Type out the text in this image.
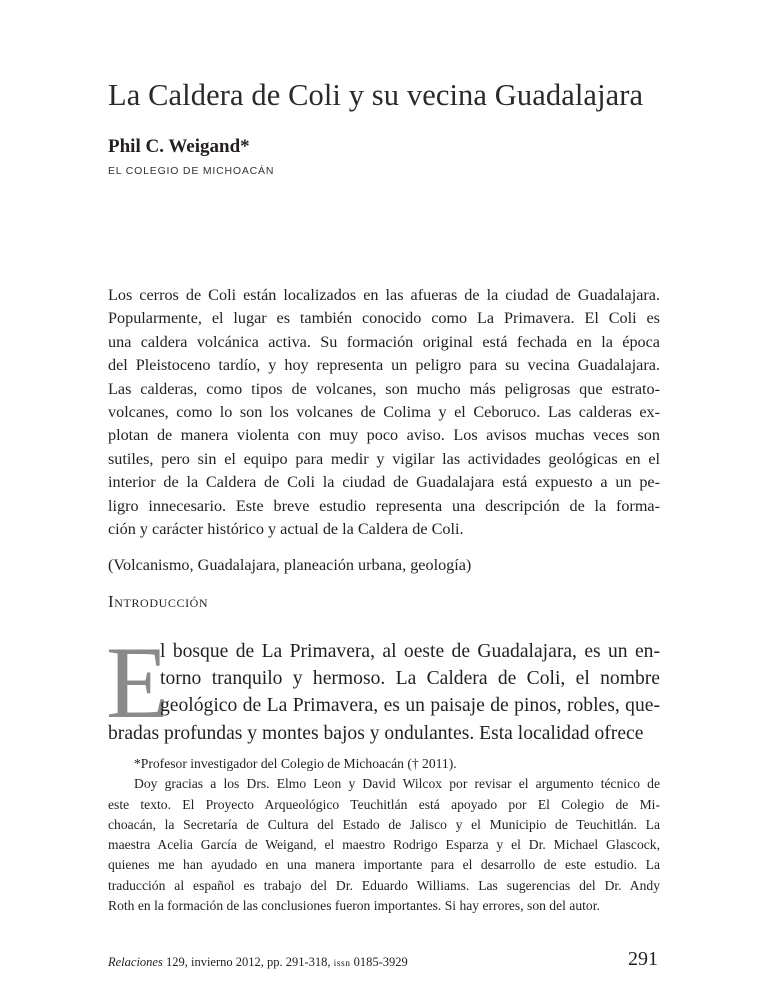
La Caldera de Coli y su vecina Guadalajara
Phil C. Weigand*
EL COLEGIO DE MICHOACÁN
Los cerros de Coli están localizados en las afueras de la ciudad de Guadalajara.
Popularmente, el lugar es también conocido como La Primavera. El Coli es
una caldera volcánica activa. Su formación original está fechada en la época
del Pleistoceno tardío, y hoy representa un peligro para su vecina Guadalajara.
Las calderas, como tipos de volcanes, son mucho más peligrosas que estrato-
volcanes, como lo son los volcanes de Colima y el Ceboruco. Las calderas ex-
plotan de manera violenta con muy poco aviso. Los avisos muchas veces son
sutiles, pero sin el equipo para medir y vigilar las actividades geológicas en el
interior de la Caldera de Coli la ciudad de Guadalajara está expuesto a un pe-
ligro innecesario. Este breve estudio representa una descripción de la forma-
ción y carácter histórico y actual de la Caldera de Coli.
(Volcanismo, Guadalajara, planeación urbana, geología)
Introducción
E
l bosque de La Primavera, al oeste de Guadalajara, es un en-
torno tranquilo y hermoso. La Caldera de Coli, el nombre
geológico de La Primavera, es un paisaje de pinos, robles, que-
bradas profundas y montes bajos y ondulantes. Esta localidad ofrece
*Profesor investigador del Colegio de Michoacán († 2011).
Doy gracias a los Drs. Elmo Leon y David Wilcox por revisar el argumento técnico de
este texto. El Proyecto Arqueológico Teuchitlán está apoyado por El Colegio de Mi-
choacán, la Secretaría de Cultura del Estado de Jalisco y el Municipio de Teuchitlán. La
maestra Acelia García de Weigand, el maestro Rodrigo Esparza y el Dr. Michael Glascock,
quienes me han ayudado en una manera importante para el desarrollo de este estudio. La
traducción al español es trabajo del Dr. Eduardo Williams. Las sugerencias del Dr. Andy
Roth en la formación de las conclusiones fueron importantes. Si hay errores, son del autor.
Relaciones 129, invierno 2012, pp. 291-318, issn 0185-3929	291
